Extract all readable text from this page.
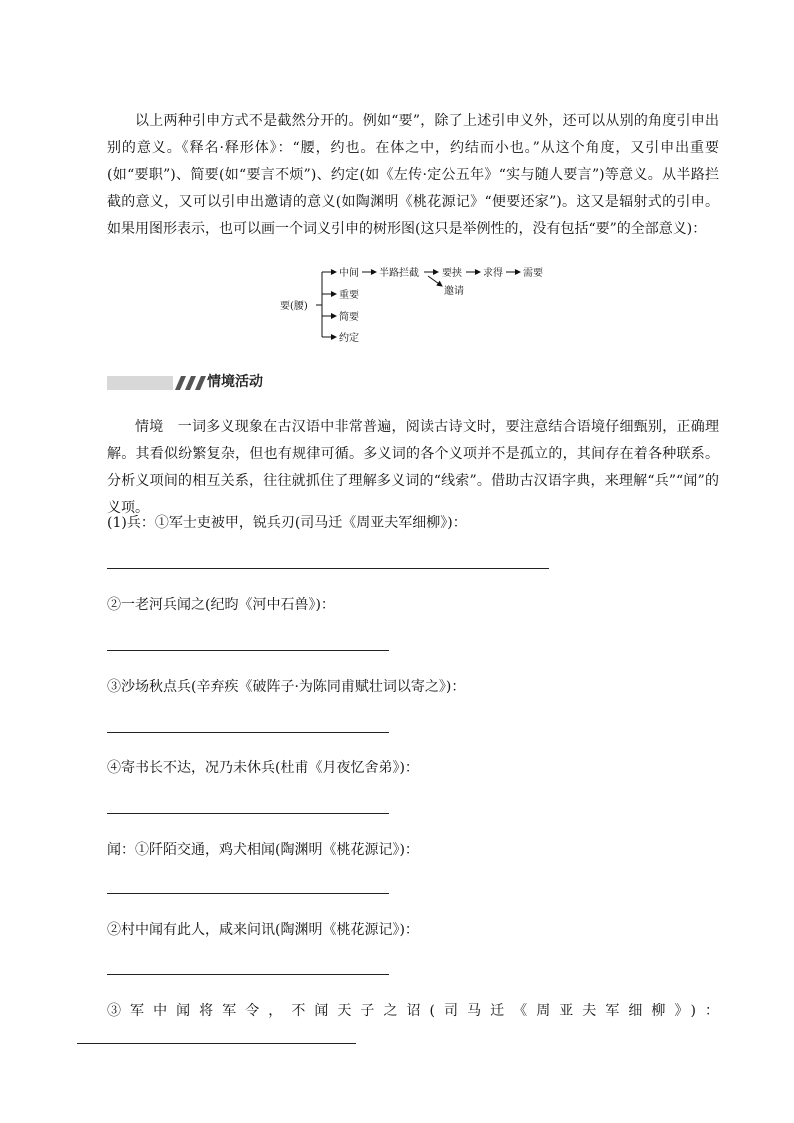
以上两种引申方式不是截然分开的。例如“要”，除了上述引申义外，还可以从别的角度引申出别的意义。《释名·释形体》：“腰，约也。在体之中，约结而小也。”从这个角度，又引申出重要(如“要职”)、简要(如“要言不烦”)、约定(如《左传·定公五年》“实与随人要言”)等意义。从半路拦截的意义，又可以引申出邀请的意义(如陶渊明《桃花源记》“便要还家”)。这又是辐射式的引申。如果用图形表示，也可以画一个词义引申的树形图(这只是举例性的，没有包括“要”的全部意义)：

要(腰)
中间
重要
简要
约定
半路拦截 要挟
邀请
求得 需要
情境活动

情境　一词多义现象在古汉语中非常普遍，阅读古诗文时，要注意结合语境仔细甄别，正确理解。其看似纷繁复杂，但也有规律可循。多义词的各个义项并不是孤立的，其间存在着各种联系。分析义项间的相互关系，往往就抓住了理解多义词的“线索”。借助古汉语字典，来理解“兵”“闻”的义项。

(1)兵：①军士吏被甲，锐兵刃(司马迁《周亚夫军细柳》)：

②一老河兵闻之(纪昀《河中石兽》)：

③沙场秋点兵(辛弃疾《破阵子·为陈同甫赋壮词以寄之》)：

④寄书长不达，况乃未休兵(杜甫《月夜忆舍弟》)：

闻：①阡陌交通，鸡犬相闻(陶渊明《桃花源记》)：

②村中闻有此人，咸来问讯(陶渊明《桃花源记》)：

③军中闻将军令，不闻天子之诏(司马迁《周亚夫军细柳》)：
